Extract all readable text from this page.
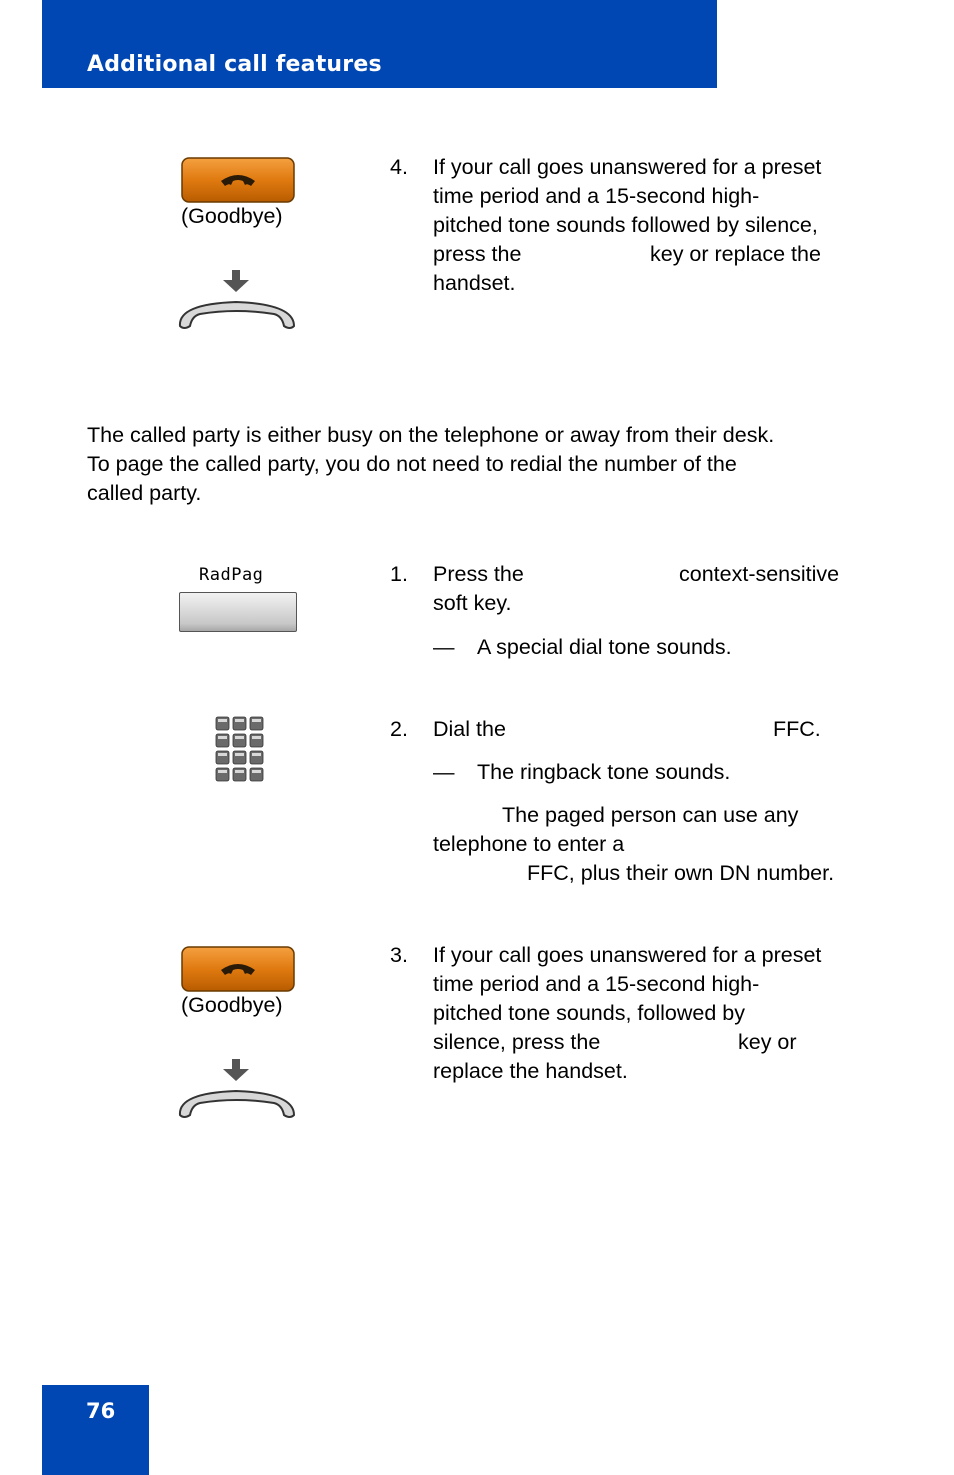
Additional call features
(Goodbye)
4. If your call goes unanswered for a preset
time period and a 15-second high-
pitched tone sounds followed by silence,
press the	key or replace the
handset.
The called party is either busy on the telephone or away from their desk.
To page the called party, you do not need to redial the number of the
called party.
RadPag	1. Press the	context-sensitive
soft key.
— A special dial tone sounds.
2. Dial the	FFC.
— The ringback tone sounds.
The paged person can use any
telephone to enter a
FFC, plus their own DN number.
(Goodbye)
3. If your call goes unanswered for a preset
time period and a 15-second high-
pitched tone sounds, followed by
silence, press the	key or
replace the handset.
76
